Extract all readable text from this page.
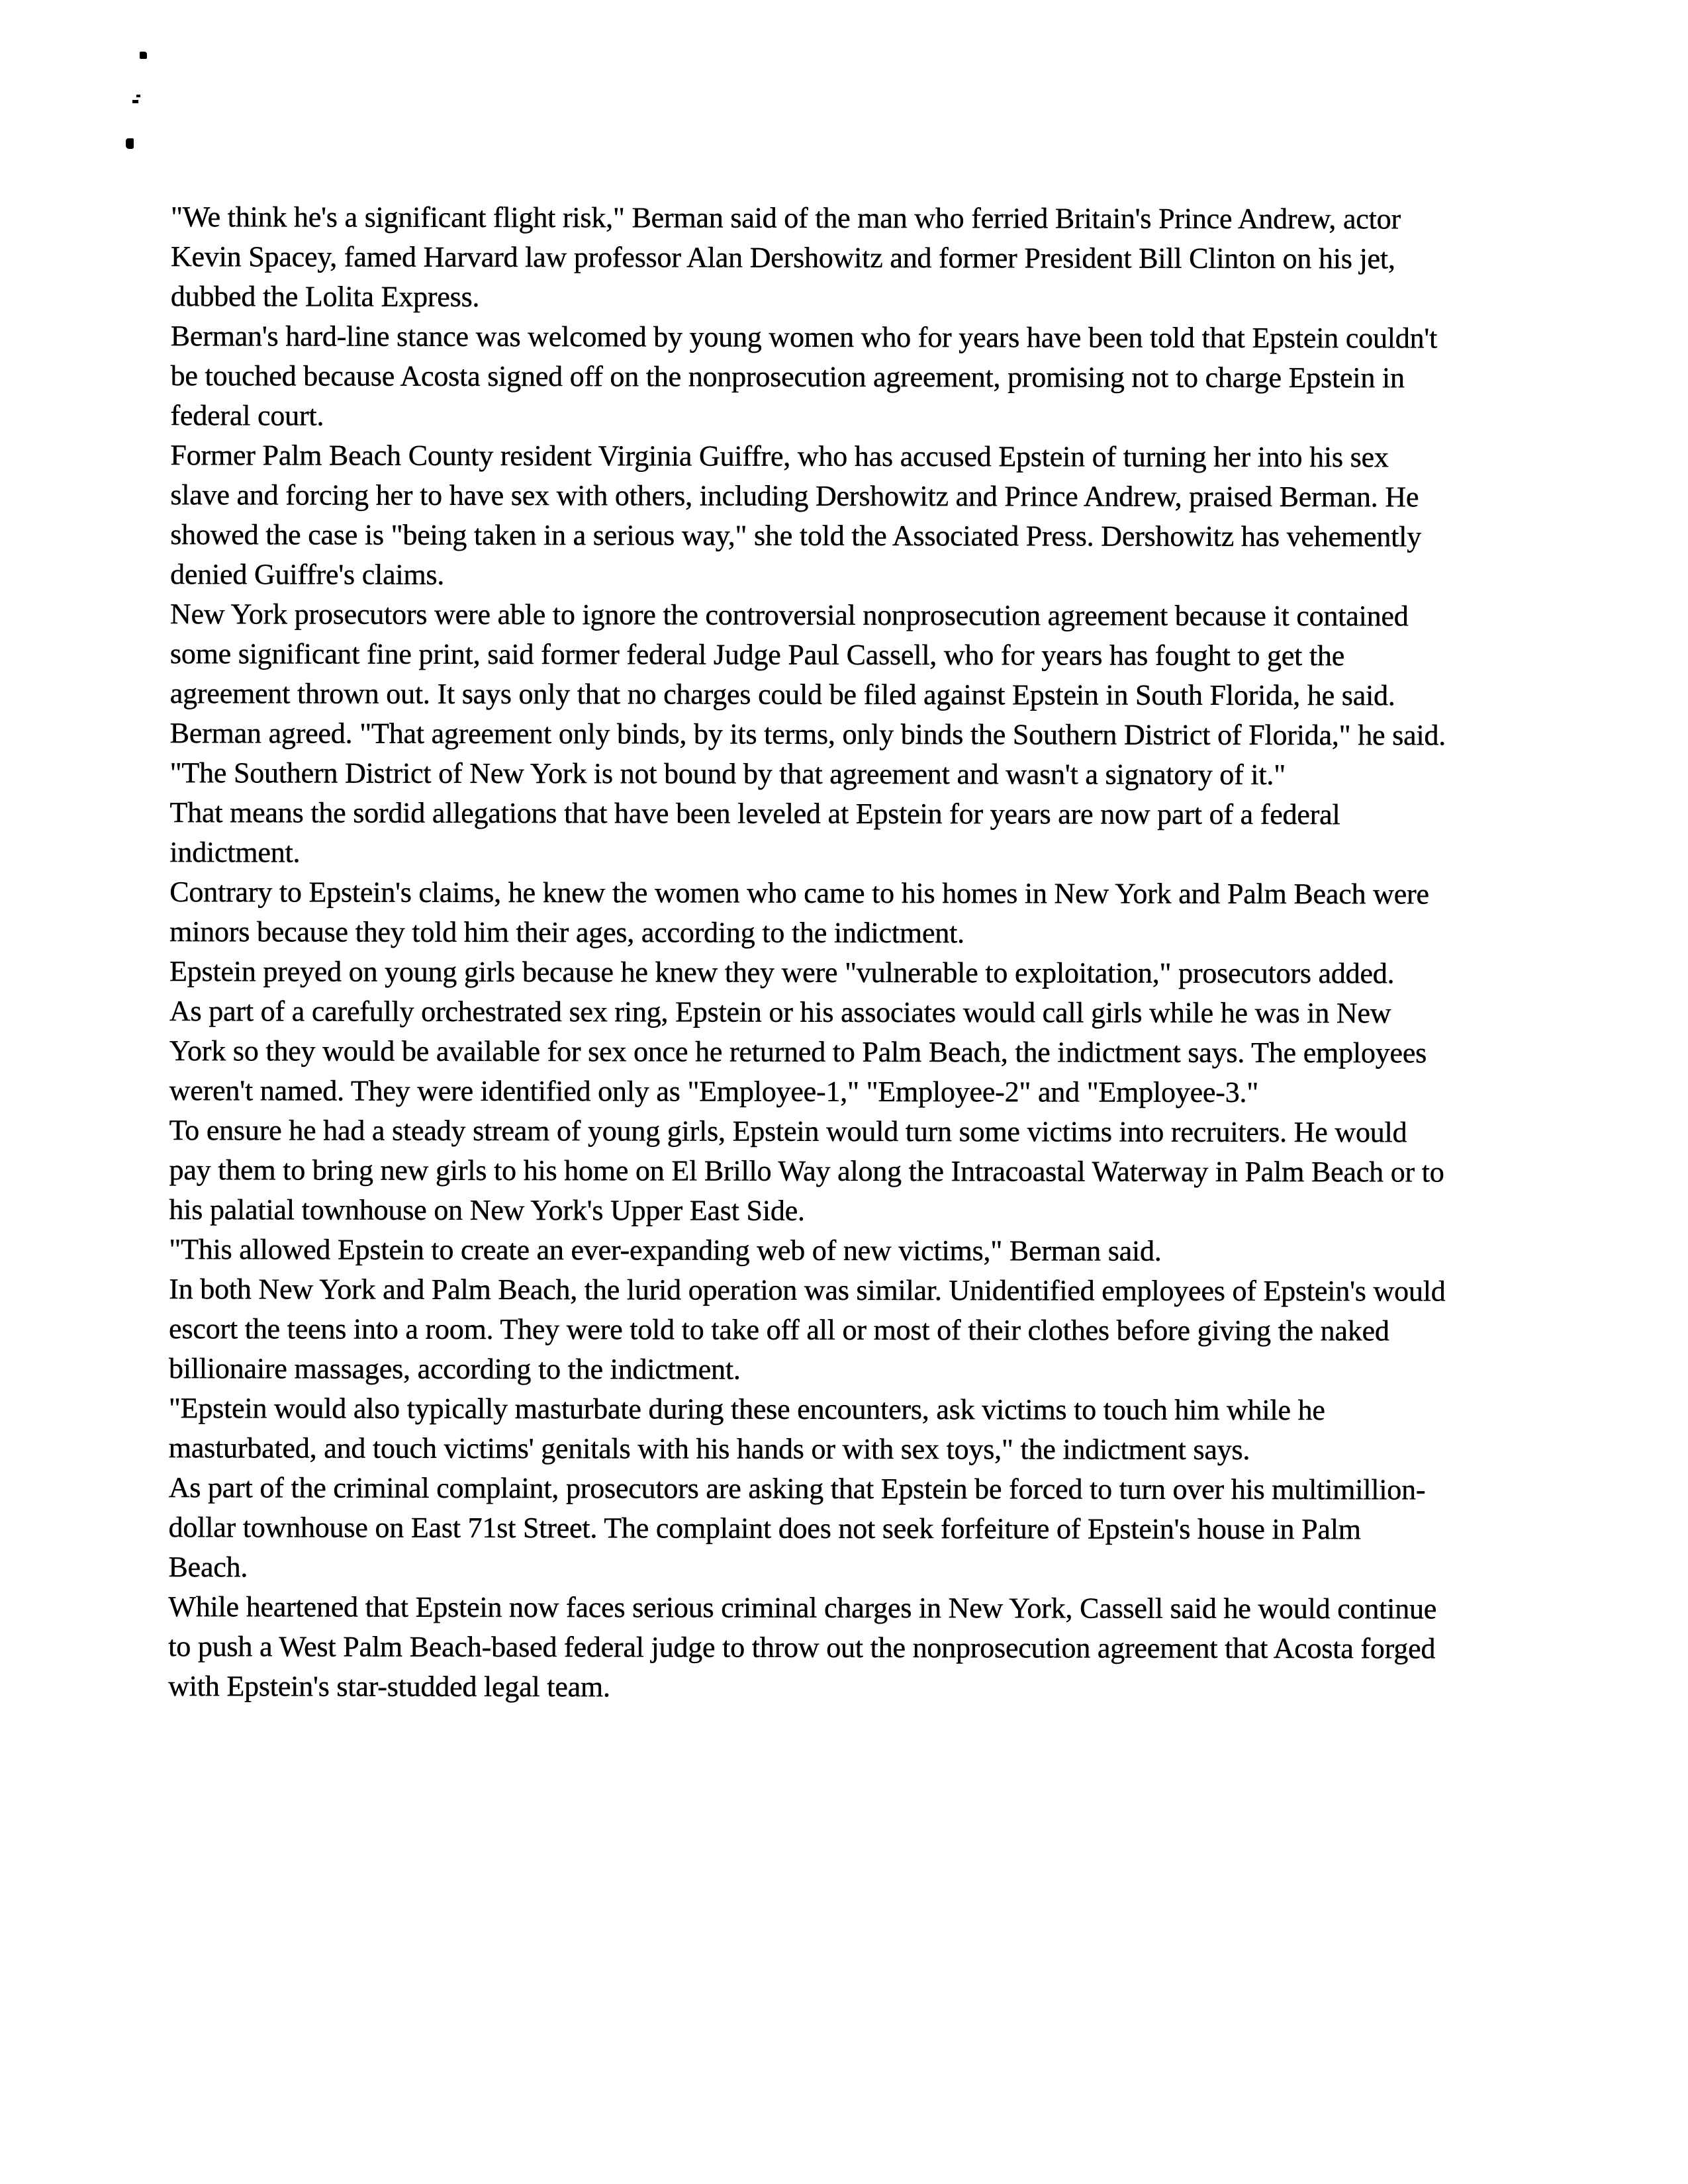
"We think he's a significant flight risk," Berman said of the man who ferried Britain's Prince Andrew, actor Kevin Spacey, famed Harvard law professor Alan Dershowitz and former President Bill Clinton on his jet, dubbed the Lolita Express.

Berman's hard-line stance was welcomed by young women who for years have been told that Epstein couldn't be touched because Acosta signed off on the nonprosecution agreement, promising not to charge Epstein in federal court.

Former Palm Beach County resident Virginia Guiffre, who has accused Epstein of turning her into his sex slave and forcing her to have sex with others, including Dershowitz and Prince Andrew, praised Berman. He showed the case is "being taken in a serious way," she told the Associated Press. Dershowitz has vehemently denied Guiffre's claims.

New York prosecutors were able to ignore the controversial nonprosecution agreement because it contained some significant fine print, said former federal Judge Paul Cassell, who for years has fought to get the agreement thrown out. It says only that no charges could be filed against Epstein in South Florida, he said.

Berman agreed. "That agreement only binds, by its terms, only binds the Southern District of Florida," he said. "The Southern District of New York is not bound by that agreement and wasn't a signatory of it."

That means the sordid allegations that have been leveled at Epstein for years are now part of a federal indictment.

Contrary to Epstein's claims, he knew the women who came to his homes in New York and Palm Beach were minors because they told him their ages, according to the indictment.

Epstein preyed on young girls because he knew they were "vulnerable to exploitation," prosecutors added.

As part of a carefully orchestrated sex ring, Epstein or his associates would call girls while he was in New York so they would be available for sex once he returned to Palm Beach, the indictment says. The employees weren't named. They were identified only as "Employee-1," "Employee-2" and "Employee-3."

To ensure he had a steady stream of young girls, Epstein would turn some victims into recruiters. He would pay them to bring new girls to his home on El Brillo Way along the Intracoastal Waterway in Palm Beach or to his palatial townhouse on New York's Upper East Side.

"This allowed Epstein to create an ever-expanding web of new victims," Berman said.

In both New York and Palm Beach, the lurid operation was similar. Unidentified employees of Epstein's would escort the teens into a room. They were told to take off all or most of their clothes before giving the naked billionaire massages, according to the indictment.

"Epstein would also typically masturbate during these encounters, ask victims to touch him while he masturbated, and touch victims' genitals with his hands or with sex toys," the indictment says.

As part of the criminal complaint, prosecutors are asking that Epstein be forced to turn over his multimillion-dollar townhouse on East 71st Street. The complaint does not seek forfeiture of Epstein's house in Palm Beach.

While heartened that Epstein now faces serious criminal charges in New York, Cassell said he would continue to push a West Palm Beach-based federal judge to throw out the nonprosecution agreement that Acosta forged with Epstein's star-studded legal team.
